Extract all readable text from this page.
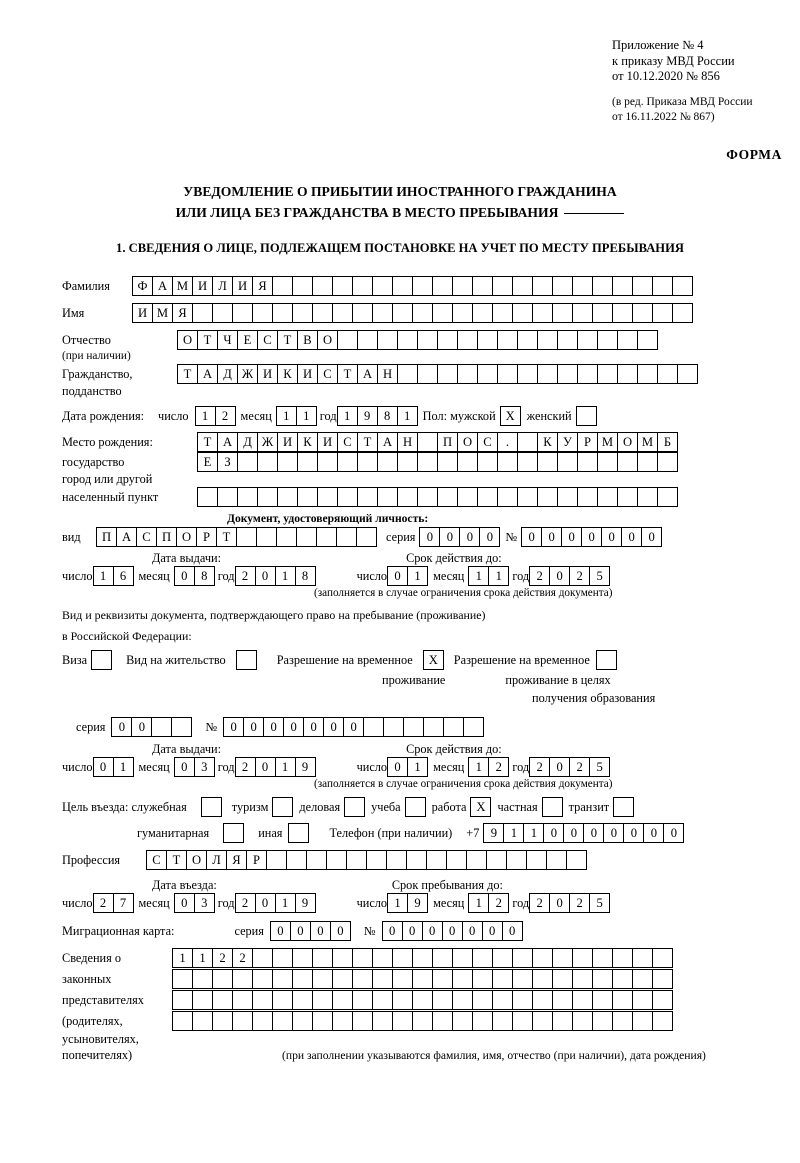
Приложение № 4
к приказу МВД России
от 10.12.2020 № 856
(в ред. Приказа МВД России
от 16.11.2022 № 867)
ФОРМА
УВЕДОМЛЕНИЕ О ПРИБЫТИИ ИНОСТРАННОГО ГРАЖДАНИНА
ИЛИ ЛИЦА БЕЗ ГРАЖДАНСТВА В МЕСТО ПРЕБЫВАНИЯ
1. СВЕДЕНИЯ О ЛИЦЕ, ПОДЛЕЖАЩЕМ ПОСТАНОВКЕ НА УЧЕТ ПО МЕСТУ ПРЕБЫВАНИЯ
Фамилия	Ф А М И Л И Я
Имя	И М Я
Отчество	О Т Ч Е С Т В О
(при наличии)
Гражданство,	Т А Д Ж И К И С Т А Н
подданство
Дата рождения: число	1	2	месяц 1	1 год 1	9	8	1	Пол: мужской Х женский
Место рождения:	Т А Д Ж И К И С Т А Н	П О С	.	К У Р М О М Б
государство	Е	З
город или другой
населенный пункт
Документ, удостоверяющий личность:
вид	П А С П О Р	Т	серия 0	0	0	0	№ 0	0	0	0	0	0	0
Дата выдачи:	Срок действия до:
число 1	6	месяц 0	8 год 2	0	1	8	число 0	1	месяц 1	1 год 2	0	2	5
(заполняется в случае ограничения срока действия документа)
Вид и реквизиты документа, подтверждающего право на пребывание (проживание)
в Российской Федерации:
Виза	Вид на жительство	Разрешение на временное	Х	Разрешение на временное
проживание	проживание в целях
получения образования
серия	0	0	№	0	0	0	0	0	0	0
Дата выдачи:	Срок действия до:
число 0	1	месяц 0	3 год 2	0	1	9	число 0	1	месяц 1	2 год 2	0	2	5
(заполняется в случае ограничения срока действия документа)
Цель въезда: служебная	туризм	деловая	учеба	работа Х частная	транзит
гуманитарная	иная	Телефон (при наличии) +7 9	1	1	0	0	0	0	0	0	0
Профессия	С Т О Л Я Р
Дата въезда:	Срок пребывания до:
число 2	7	месяц 0	3 год 2	0	1	9	число 1	9	месяц 1	2 год 2	0	2	5
Миграционная карта:	серия	0	0	0	0	№	0	0	0	0	0	0	0
Сведения о	1	1	2	2
законных
представителях
(родителях,
усыновителях,
попечителях)	(при заполнении указываются фамилия, имя, отчество (при наличии), дата рождения)
